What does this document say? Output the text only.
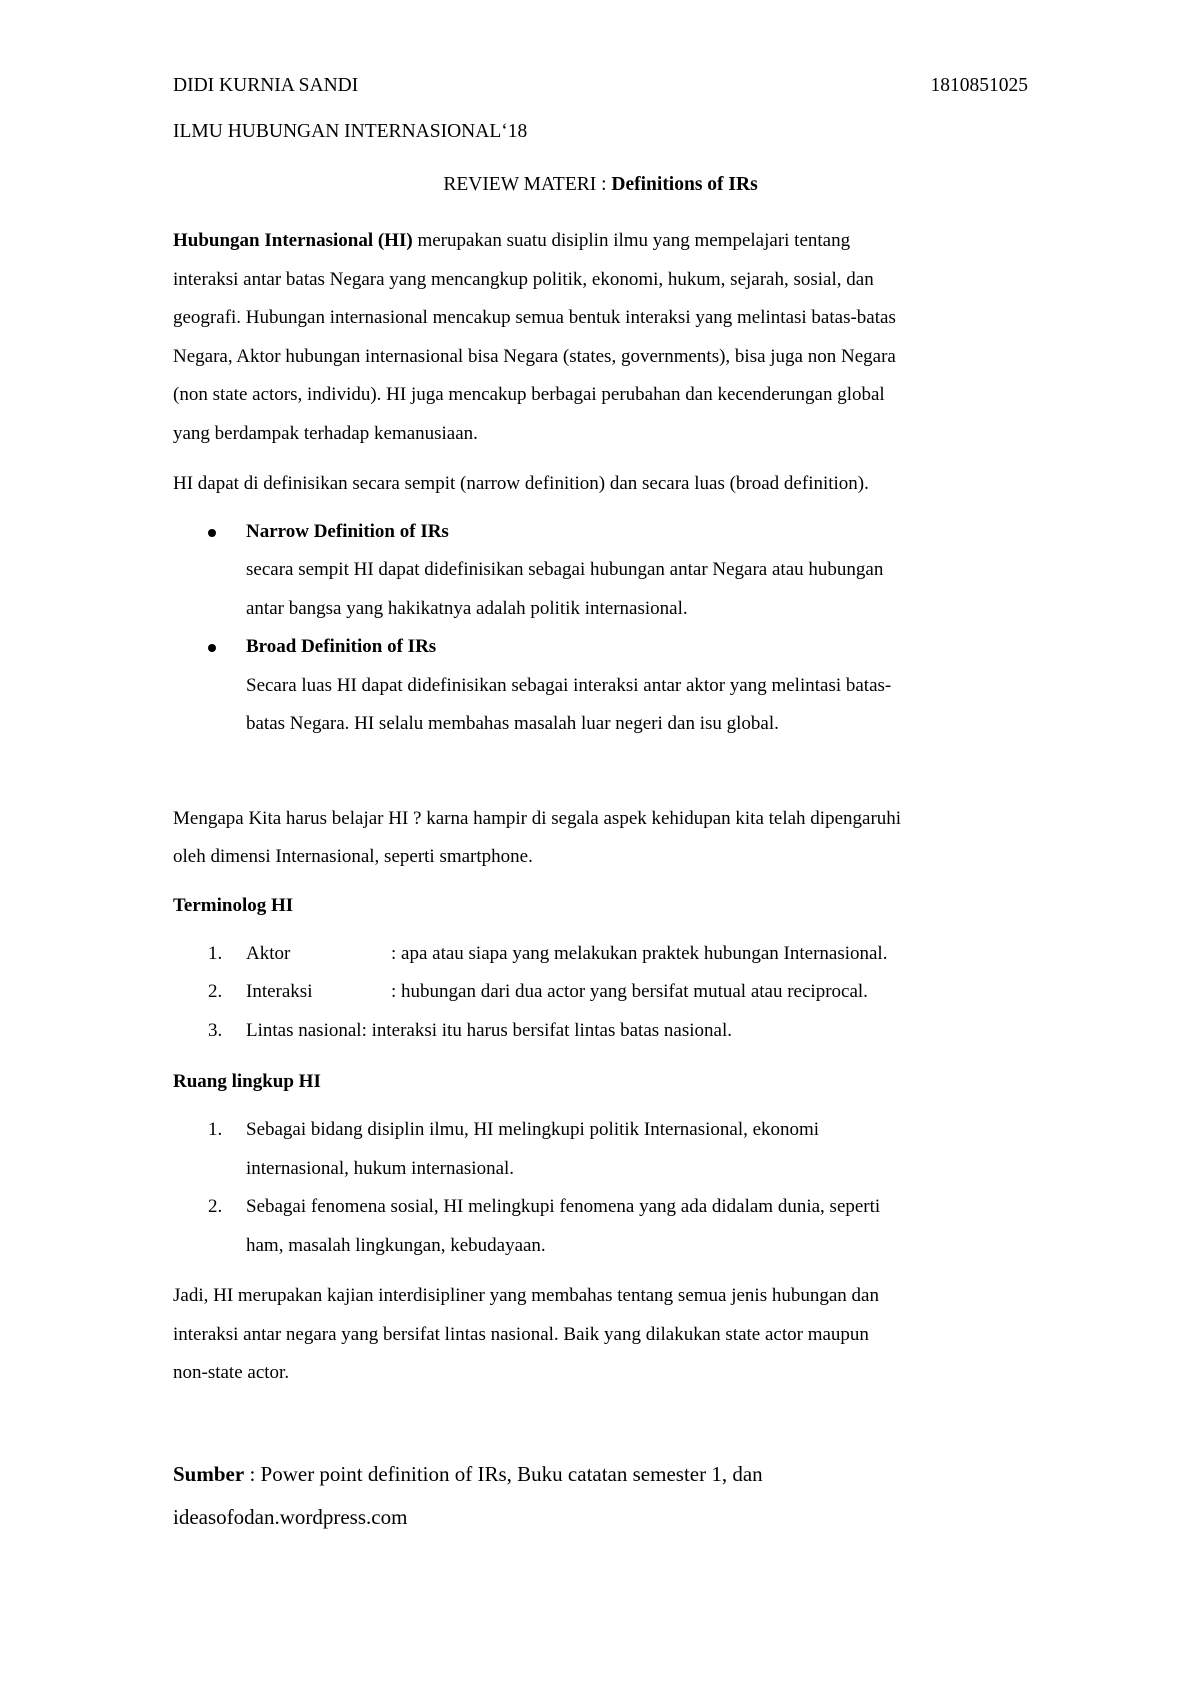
DIDI KURNIA SANDI	1810851025
ILMU HUBUNGAN INTERNASIONAL‘18
REVIEW MATERI : Definitions of IRs
Hubungan Internasional (HI) merupakan suatu disiplin ilmu yang mempelajari tentang
interaksi antar batas Negara yang mencangkup politik, ekonomi, hukum, sejarah, sosial, dan
geografi. Hubungan internasional mencakup semua bentuk interaksi yang melintasi batas-batas
Negara, Aktor hubungan internasional bisa Negara (states, governments), bisa juga non Negara
(non state actors, individu). HI juga mencakup berbagai perubahan dan kecenderungan global
yang berdampak terhadap kemanusiaan.
HI dapat di definisikan secara sempit (narrow definition) dan secara luas (broad definition).
Narrow Definition of IRs
secara sempit HI dapat didefinisikan sebagai hubungan antar Negara atau hubungan
antar bangsa yang hakikatnya adalah politik internasional.
Broad Definition of IRs
Secara luas HI dapat didefinisikan sebagai interaksi antar aktor yang melintasi batas-
batas Negara. HI selalu membahas masalah luar negeri dan isu global.
Mengapa Kita harus belajar HI ? karna hampir di segala aspek kehidupan kita telah dipengaruhi
oleh dimensi Internasional, seperti smartphone.
Terminolog HI
1. Aktor	: apa atau siapa yang melakukan praktek hubungan Internasional.
2. Interaksi	: hubungan dari dua actor yang bersifat mutual atau reciprocal.
3. Lintas nasional: interaksi itu harus bersifat lintas batas nasional.
Ruang lingkup HI
1. Sebagai bidang disiplin ilmu, HI melingkupi politik Internasional, ekonomi
internasional, hukum internasional.
2. Sebagai fenomena sosial, HI melingkupi fenomena yang ada didalam dunia, seperti
ham, masalah lingkungan, kebudayaan.
Jadi, HI merupakan kajian interdisipliner yang membahas tentang semua jenis hubungan dan
interaksi antar negara yang bersifat lintas nasional. Baik yang dilakukan state actor maupun
non-state actor.
Sumber : Power point definition of IRs, Buku catatan semester 1, dan
ideasofodan.wordpress.com
